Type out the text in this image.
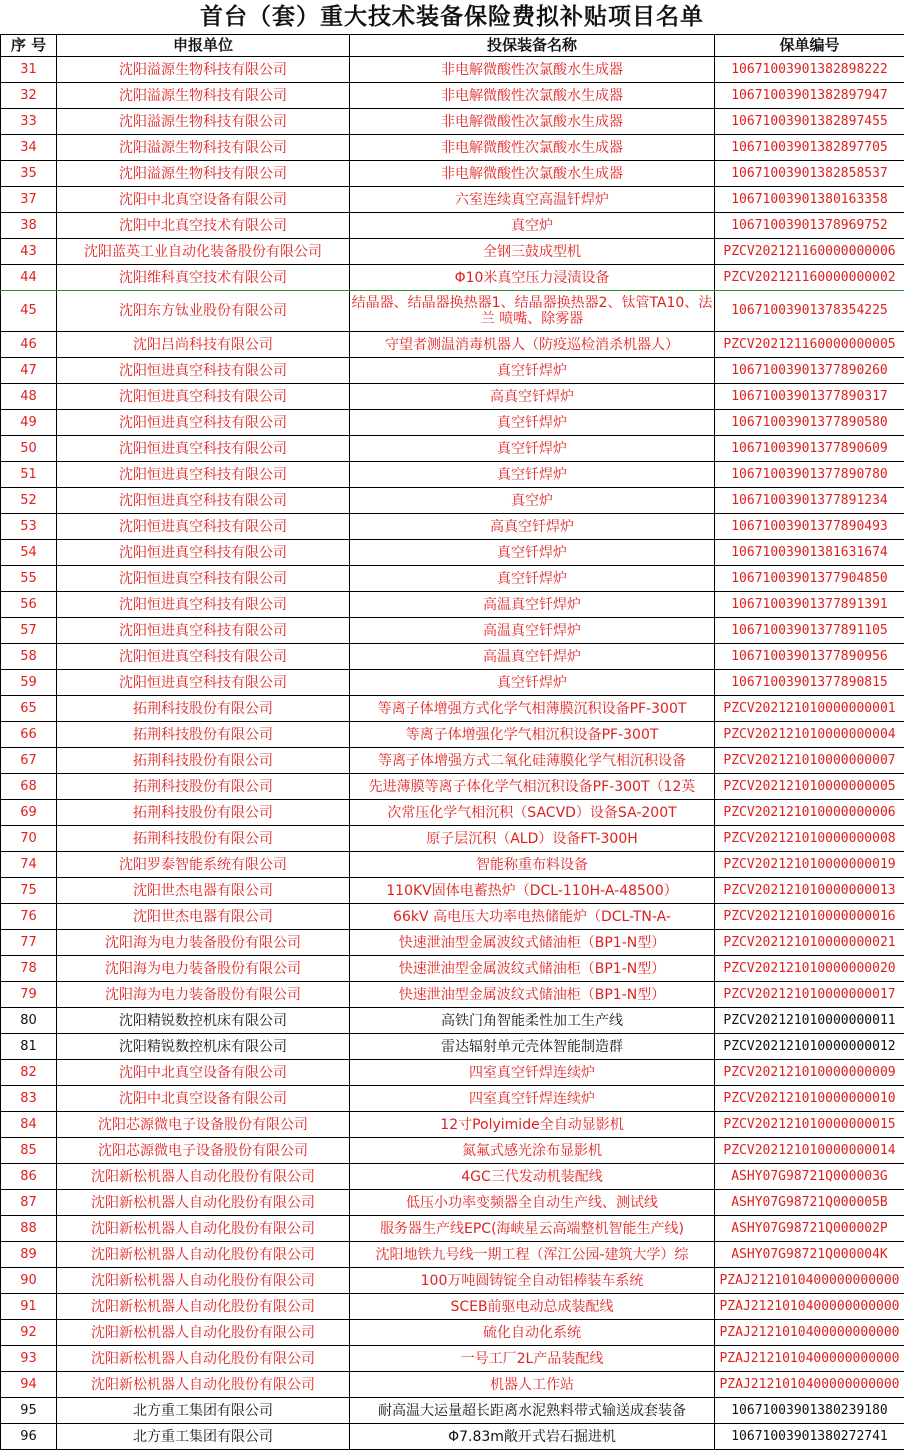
首台（套）重大技术装备保险费拟补贴项目名单
序 号	申报单位	投保装备名称	保单编号
31	沈阳溢源生物科技有限公司	非电解微酸性次氯酸水生成器	10671003901382898222
32	沈阳溢源生物科技有限公司	非电解微酸性次氯酸水生成器	10671003901382897947
33	沈阳溢源生物科技有限公司	非电解微酸性次氯酸水生成器	10671003901382897455
34	沈阳溢源生物科技有限公司	非电解微酸性次氯酸水生成器	10671003901382897705
35	沈阳溢源生物科技有限公司	非电解微酸性次氯酸水生成器	10671003901382858537
37	沈阳中北真空设备有限公司	六室连续真空高温钎焊炉	10671003901380163358
38	沈阳中北真空技术有限公司	真空炉	10671003901378969752
43	沈阳蓝英工业自动化装备股份有限公司	全钢三鼓成型机	PZCV202121160000000006
44	沈阳维科真空技术有限公司	Φ10米真空压力浸渍设备	PZCV202121160000000002
45	沈阳东方钛业股份有限公司	结晶器、结晶器换热器1、结晶器换热器2、钛管TA10、法兰 喷嘴、除雾器	10671003901378354225
46	沈阳吕尚科技有限公司	守望者测温消毒机器人（防疫巡检消杀机器人）	PZCV202121160000000005
47	沈阳恒进真空科技有限公司	真空钎焊炉	10671003901377890260
48	沈阳恒进真空科技有限公司	高真空钎焊炉	10671003901377890317
49	沈阳恒进真空科技有限公司	真空钎焊炉	10671003901377890580
50	沈阳恒进真空科技有限公司	真空钎焊炉	10671003901377890609
51	沈阳恒进真空科技有限公司	真空钎焊炉	10671003901377890780
52	沈阳恒进真空科技有限公司	真空炉	10671003901377891234
53	沈阳恒进真空科技有限公司	高真空钎焊炉	10671003901377890493
54	沈阳恒进真空科技有限公司	真空钎焊炉	10671003901381631674
55	沈阳恒进真空科技有限公司	真空钎焊炉	10671003901377904850
56	沈阳恒进真空科技有限公司	高温真空钎焊炉	10671003901377891391
57	沈阳恒进真空科技有限公司	高温真空钎焊炉	10671003901377891105
58	沈阳恒进真空科技有限公司	高温真空钎焊炉	10671003901377890956
59	沈阳恒进真空科技有限公司	真空钎焊炉	10671003901377890815
65	拓荆科技股份有限公司	等离子体增强方式化学气相薄膜沉积设备PF-300T	PZCV202121010000000001
66	拓荆科技股份有限公司	等离子体增强化学气相沉积设备PF-300T	PZCV202121010000000004
67	拓荆科技股份有限公司	等离子体增强方式二氧化硅薄膜化学气相沉积设备	PZCV202121010000000007
68	拓荆科技股份有限公司	先进薄膜等离子体化学气相沉积设备PF-300T（12英	PZCV202121010000000005
69	拓荆科技股份有限公司	次常压化学气相沉积（SACVD）设备SA-200T	PZCV202121010000000006
70	拓荆科技股份有限公司	原子层沉积（ALD）设备FT-300H	PZCV202121010000000008
74	沈阳罗泰智能系统有限公司	智能称重布料设备	PZCV202121010000000019
75	沈阳世杰电器有限公司	110KV固体电蓄热炉（DCL-110H-A-48500）	PZCV202121010000000013
76	沈阳世杰电器有限公司	66kV 高电压大功率电热储能炉（DCL-TN-A-	PZCV202121010000000016
77	沈阳海为电力装备股份有限公司	快速泄油型金属波纹式储油柜（BP1-N型）	PZCV202121010000000021
78	沈阳海为电力装备股份有限公司	快速泄油型金属波纹式储油柜（BP1-N型）	PZCV202121010000000020
79	沈阳海为电力装备股份有限公司	快速泄油型金属波纹式储油柜（BP1-N型）	PZCV202121010000000017
80	沈阳精锐数控机床有限公司	高铁门角智能柔性加工生产线	PZCV202121010000000011
81	沈阳精锐数控机床有限公司	雷达辐射单元壳体智能制造群	PZCV202121010000000012
82	沈阳中北真空设备有限公司	四室真空钎焊连续炉	PZCV202121010000000009
83	沈阳中北真空设备有限公司	四室真空钎焊连续炉	PZCV202121010000000010
84	沈阳芯源微电子设备股份有限公司	12寸Polyimide全自动显影机	PZCV202121010000000015
85	沈阳芯源微电子设备股份有限公司	氮氟式感光涂布显影机	PZCV202121010000000014
86	沈阳新松机器人自动化股份有限公司	4GC三代发动机装配线	ASHY07G98721Q000003G
87	沈阳新松机器人自动化股份有限公司	低压小功率变频器全自动生产线、测试线	ASHY07G98721Q000005B
88	沈阳新松机器人自动化股份有限公司	服务器生产线EPC(海峡星云高端整机智能生产线)	ASHY07G98721Q000002P
89	沈阳新松机器人自动化股份有限公司	沈阳地铁九号线一期工程（浑江公园-建筑大学）综	ASHY07G98721Q000004K
90	沈阳新松机器人自动化股份有限公司	100万吨圆铸锭全自动铝棒装车系统	PZAJ2121010400000000000
91	沈阳新松机器人自动化股份有限公司	SCEB前驱电动总成装配线	PZAJ2121010400000000000
92	沈阳新松机器人自动化股份有限公司	硫化自动化系统	PZAJ2121010400000000000
93	沈阳新松机器人自动化股份有限公司	一号工厂2L产品装配线	PZAJ2121010400000000000
94	沈阳新松机器人自动化股份有限公司	机器人工作站	PZAJ2121010400000000000
95	北方重工集团有限公司	耐高温大运量超长距离水泥熟料带式输送成套装备	10671003901380239180
96	北方重工集团有限公司	Φ7.83m敞开式岩石掘进机	10671003901380272741
